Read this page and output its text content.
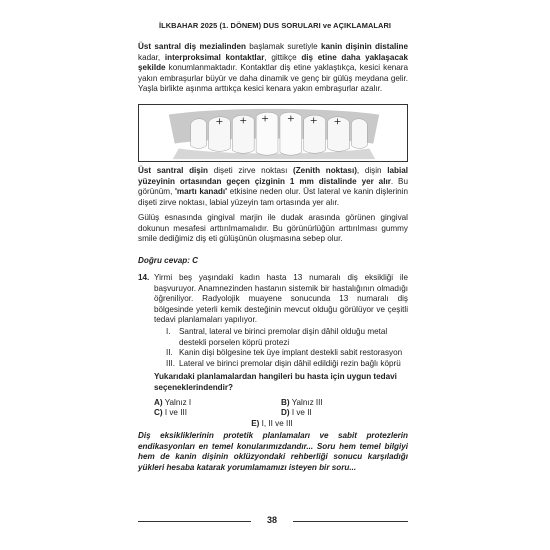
İLKBAHAR 2025 (1. DÖNEM) DUS SORULARI ve AÇIKLAMALARI

Üst santral diş mezialinden başlamak suretiyle kanin dişinin distaline kadar, interproksimal kontaktlar, gittikçe diş etine daha yaklaşacak şekilde konumlanmaktadır. Kontaktlar diş etine yaklaştıkça, kesici kenara yakın embraşurlar büyür ve daha dinamik ve genç bir gülüş meydana gelir. Yaşla birlikte aşınma arttıkça kesici kenara yakın embraşurlar azalır.

Üst santral dişin dişeti zirve noktası (Zenith noktası), dişin labial yüzeyinin ortasından geçen çizginin 1 mm distalinde yer alır. Bu görünüm, 'martı kanadı' etkisine neden olur. Üst lateral ve kanin dişlerinin dişeti zirve noktası, labial yüzeyin tam ortasında yer alır.

Gülüş esnasında gingival marjin ile dudak arasında görünen gingival dokunun mesafesi arttırılmamalıdır. Bu görünürlüğün arttırılması gummy smile dediğimiz diş eti gülüşünün oluşmasına sebep olur.

Doğru cevap: C
14. Yirmi beş yaşındaki kadın hasta 13 numaralı diş eksikliği ile başvuruyor. Anamnezinden hastanın sistemik bir hastalığının olmadığı öğreniliyor. Radyolojik muayene sonucunda 13 numaralı diş bölgesinde yeterli kemik desteğinin mevcut olduğu görülüyor ve çeşitli tedavi planlamaları yapılıyor.
I.	Santral, lateral ve birinci premolar dişin dâhil olduğu metal destekli porselen köprü protezi
II. Kanin dişi bölgesine tek üye implant destekli sabit restorasyon
III. Lateral ve birinci premolar dişin dâhil edildiği rezin bağlı köprü
Yukarıdaki planlamalardan hangileri bu hasta için uygun tedavi seçeneklerindendir?
A) Yalnız I	B) Yalnız III
C) I ve III	D) I ve II
E) I, II ve III

Diş eksikliklerinin protetik planlamaları ve sabit protezlerin endikasyonları en temel konularımızdandır... Soru hem temel bilgiyi hem de kanin dişinin oklüzyondaki rehberliği sonucu karşıladığı yükleri hesaba katarak yorumlamamızı isteyen bir soru...

38
